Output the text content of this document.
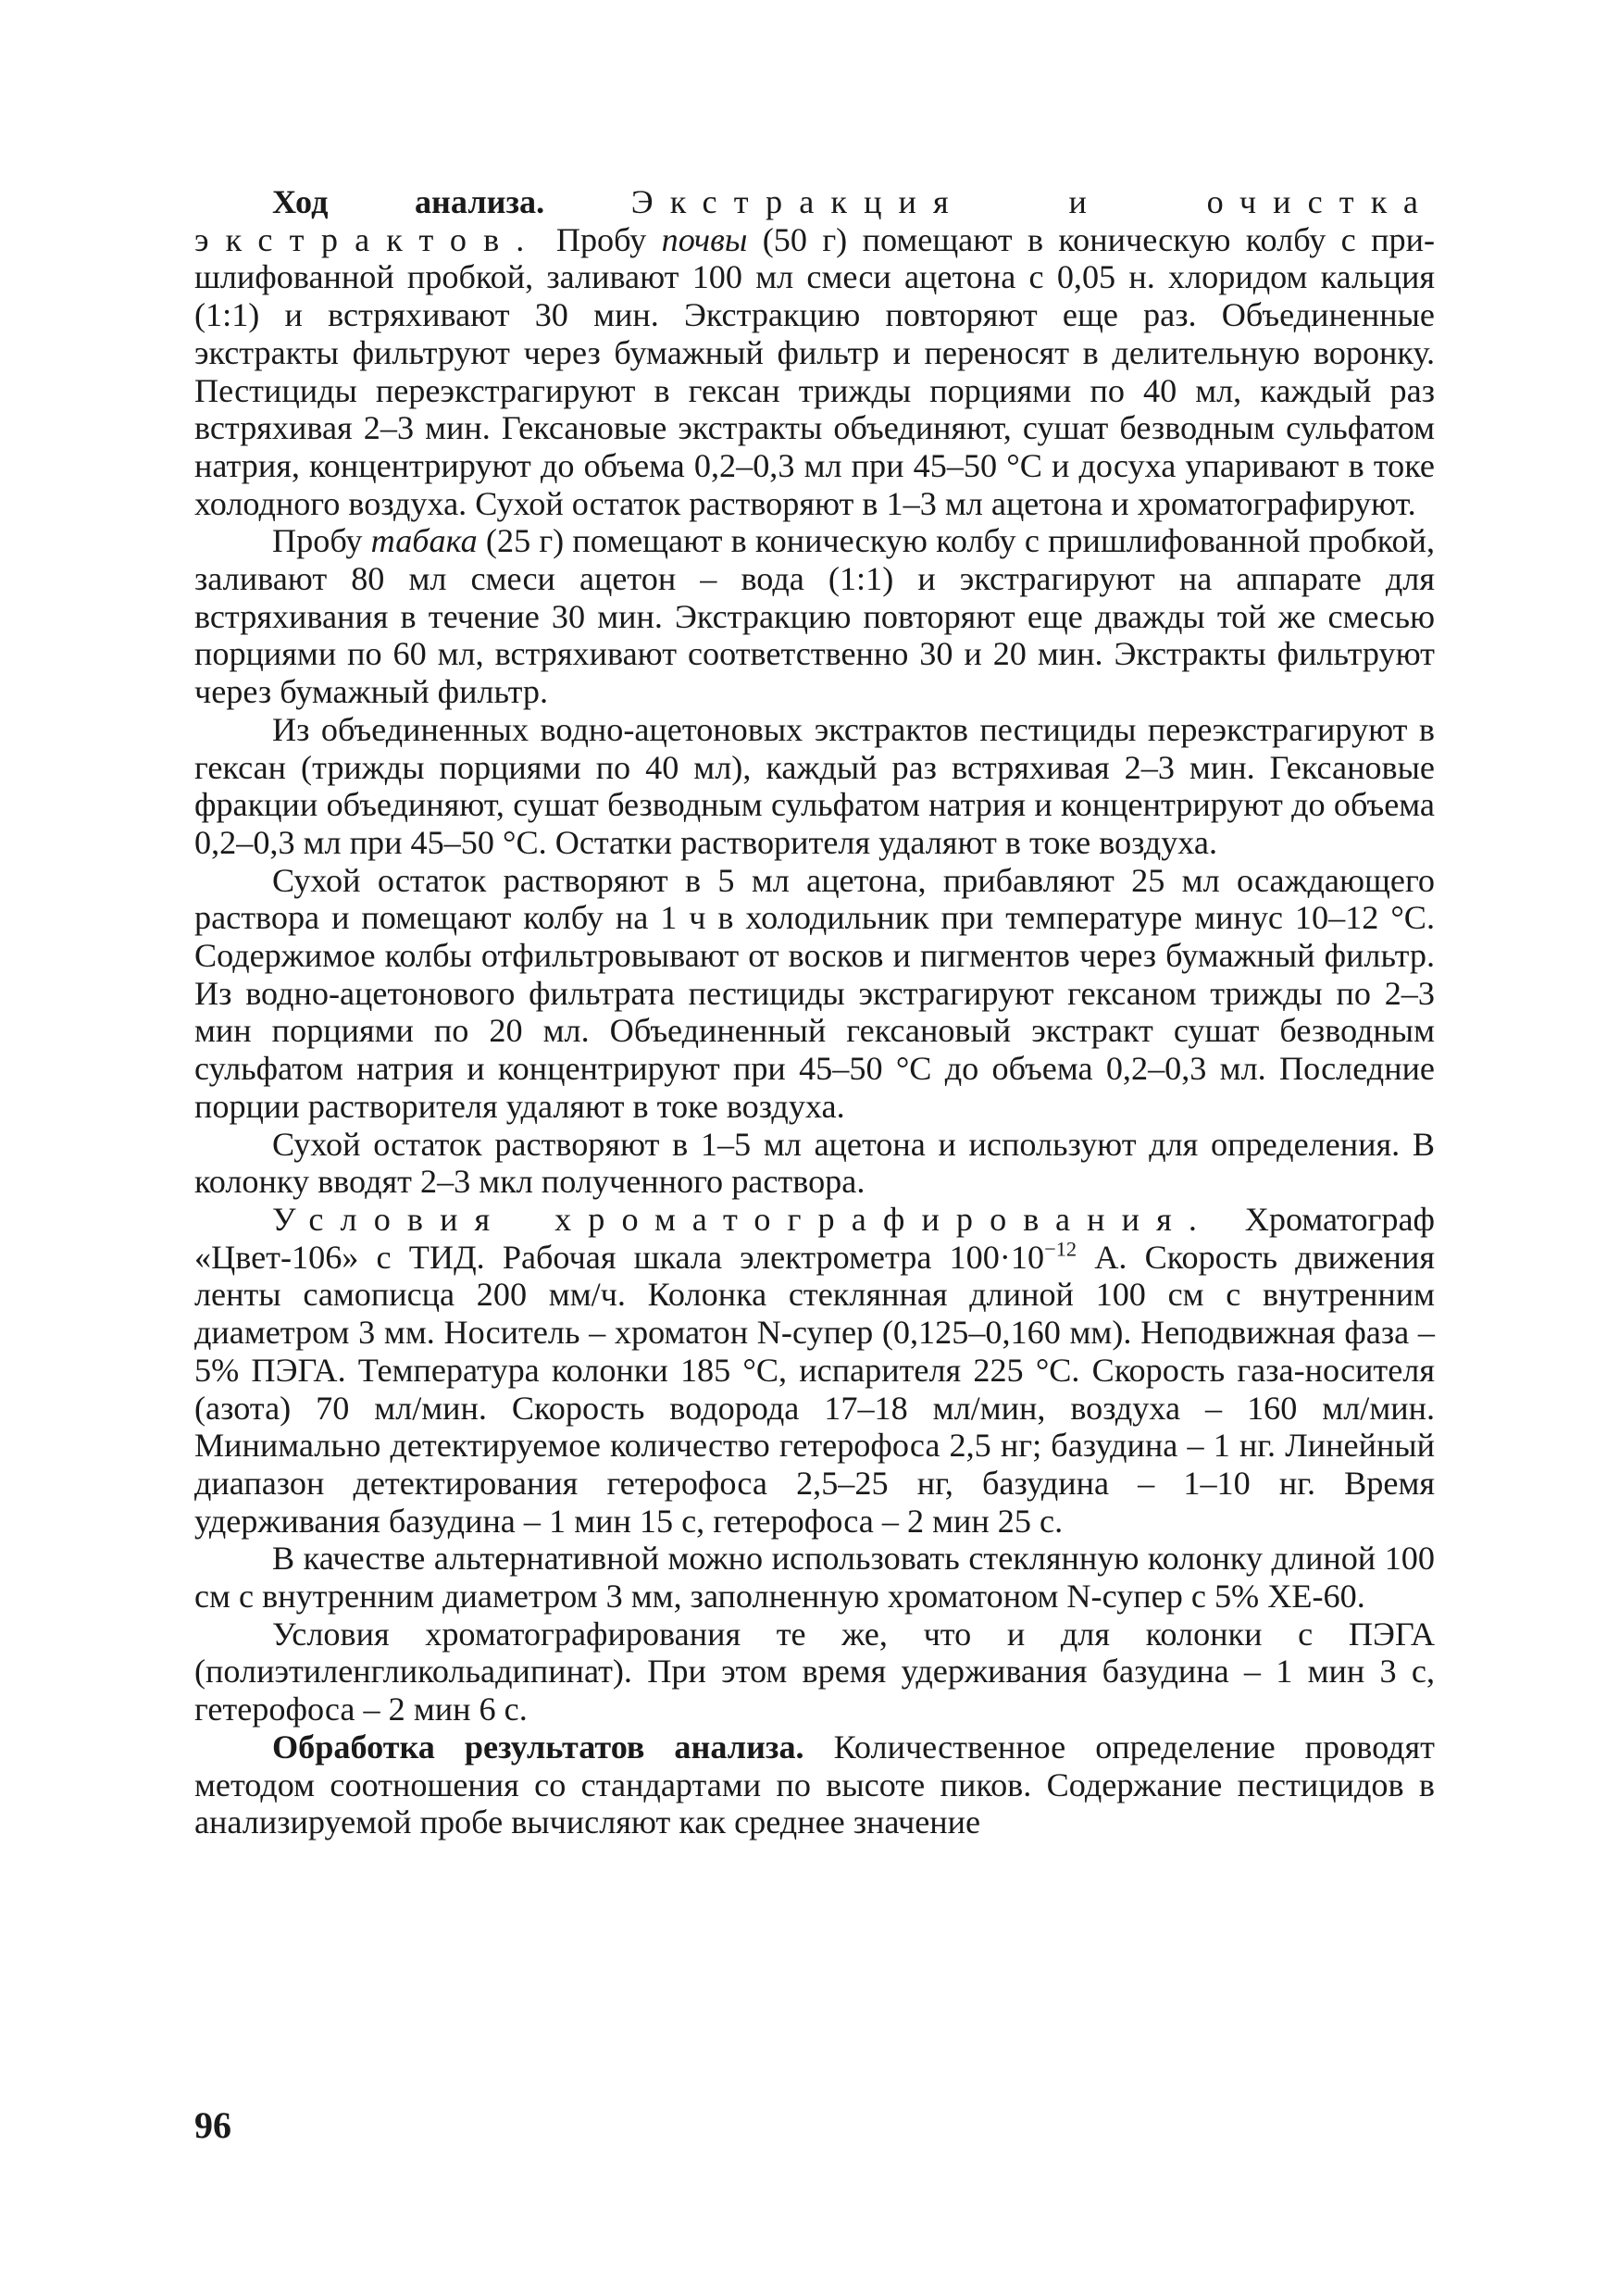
Ход анализа.	Экстракция и очистка экстрактов. Пробу почвы (50 г) помещают в коническую колбу с пришлифованной пробкой, заливают 100 мл смеси ацетона с 0,05 н. хлоридом кальция (1:1) и встряхивают 30 мин. Экстракцию повторяют еще раз. Объединенные экстракты фильтруют через бумажный фильтр и переносят в делительную воронку. Пестициды переэкстрагируют в гексан трижды порциями по 40 мл, каждый раз встряхивая 2–3 мин. Гексановые экстракты объединяют, сушат безводным сульфатом натрия, концентрируют до объема 0,2–0,3 мл при 45–50 °С и досуха упаривают в токе холодного воздуха. Сухой остаток растворяют в 1–3 мл ацетона и хроматографируют.

Пробу табака (25 г) помещают в коническую колбу с пришлифованной пробкой, заливают 80 мл смеси ацетон – вода (1:1) и экстрагируют на аппарате для встряхивания в течение 30 мин. Экстракцию повторяют еще дважды той же смесью порциями по 60 мл, встряхивают соответственно 30 и 20 мин. Экстракты фильтруют через бумажный фильтр.

Из объединенных водно-ацетоновых экстрактов пестициды переэкстрагируют в гексан (трижды порциями по 40 мл), каждый раз встряхивая 2–3 мин. Гексановые фракции объединяют, сушат безводным сульфатом натрия и концентрируют до объема 0,2–0,3 мл при 45–50 °С. Остатки растворителя удаляют в токе воздуха.

Сухой остаток растворяют в 5 мл ацетона, прибавляют 25 мл осаждающего раствора и помещают колбу на 1 ч в холодильник при температуре минус 10–12 °С. Содержимое колбы отфильтровывают от восков и пигментов через бумажный фильтр. Из водно-ацетонового фильтрата пестициды экстрагируют гексаном трижды по 2–3 мин порциями по 20 мл. Объединенный гексановый экстракт сушат безводным сульфатом натрия и концентрируют при 45–50 °С до объема 0,2–0,3 мл. Последние порции растворителя удаляют в токе воздуха.

Сухой остаток растворяют в 1–5 мл ацетона и используют для определения. В колонку вводят 2–3 мкл полученного раствора.

Условия хроматографирования. Хроматограф «Цвет-106» с ТИД. Рабочая шкала электрометра $100\cdot 10^{-12}$ А. Скорость движения ленты самописца 200 мм/ч. Колонка стеклянная длиной 100 см с внутренним диаметром 3 мм. Носитель – хроматон N-супер (0,125–0,160 мм). Неподвижная фаза – 5% ПЭГА. Температура колонки 185 °С, испарителя 225 °С. Скорость газа-носителя (азота) 70 мл/мин. Скорость водорода 17–18 мл/мин, воздуха – 160 мл/мин. Минимально детектируемое количество гетерофоса 2,5 нг; базудина – 1 нг. Линейный диапазон детектирования гетерофоса 2,5–25 нг, базудина – 1–10 нг. Время удерживания базудина – 1 мин 15 с, гетерофоса – 2 мин 25 с.

В качестве альтернативной можно использовать стеклянную колонку длиной 100 см с внутренним диаметром 3 мм, заполненную хроматоном N-супер с 5% ХЕ-60.

Условия хроматографирования те же, что и для колонки с ПЭГА (полиэтиленгликольадипинат). При этом время удерживания базудина – 1 мин 3 с, гетерофоса – 2 мин 6 с.

Обработка результатов анализа. Количественное определение проводят методом соотношения со стандартами по высоте пиков. Содержание пестицидов в анализируемой пробе вычисляют как среднее значение

96
